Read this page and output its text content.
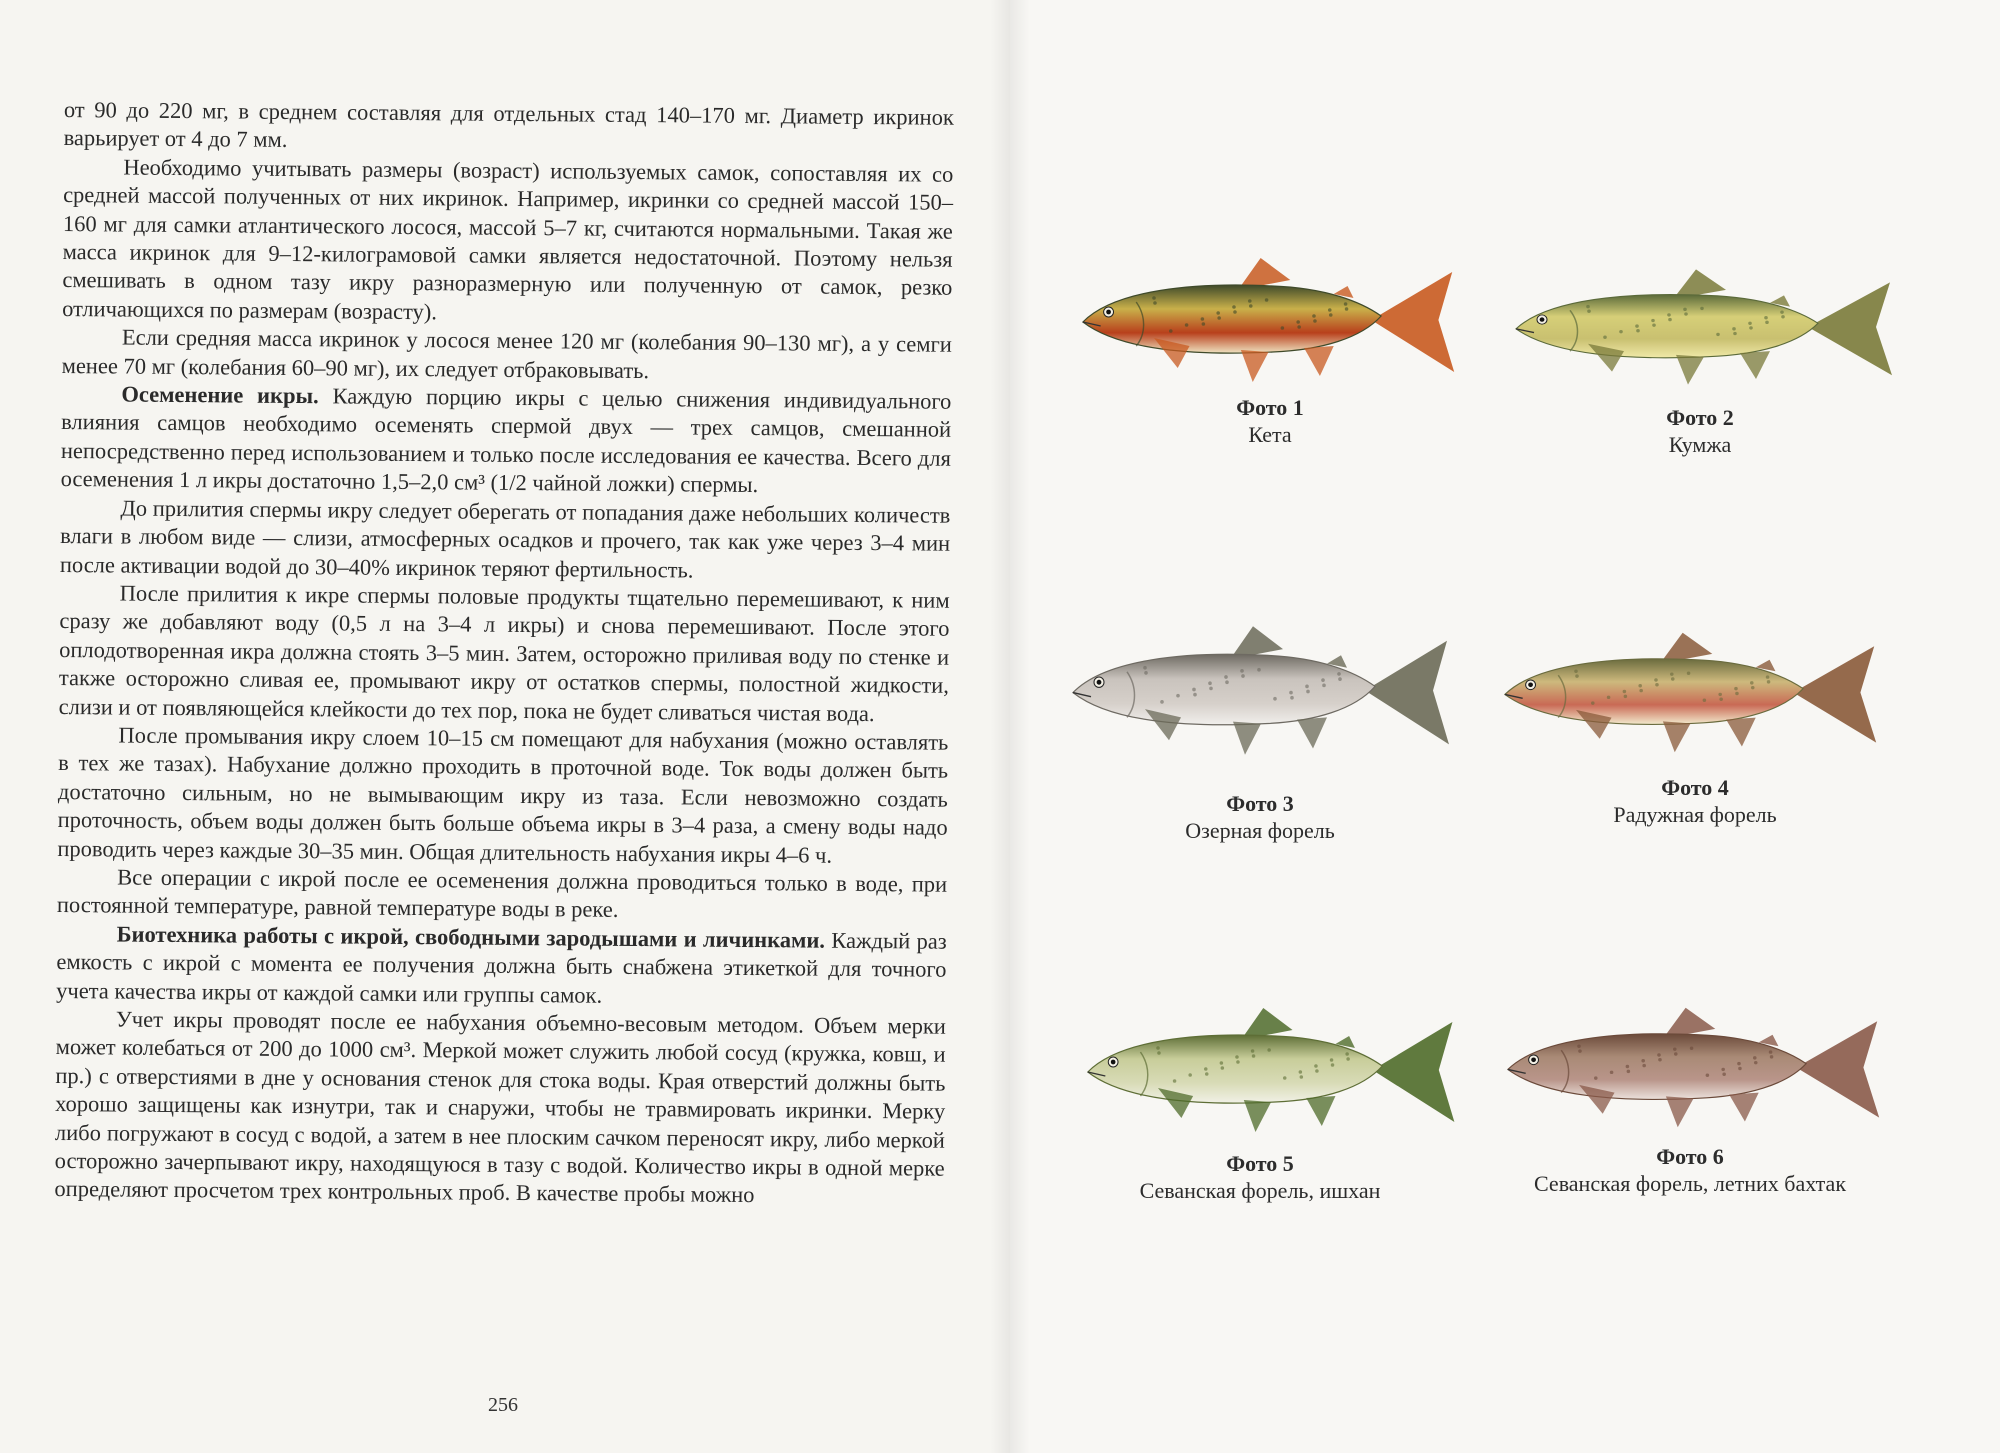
от 90 до 220 мг, в среднем составляя для отдельных стад 140–170 мг. Диаметр икринок варьирует от 4 до 7 мм.

Необходимо учитывать размеры (возраст) используемых самок, сопоставляя их со средней массой полученных от них икринок. Например, икринки со средней массой 150–160 мг для самки атлантического лосося, массой 5–7 кг, считаются нормальными. Такая же масса икринок для 9–12-килограмовой самки является недостаточной. Поэтому нельзя смешивать в одном тазу икру разноразмерную или полученную от самок, резко отличающихся по размерам (возрасту).

Если средняя масса икринок у лосося менее 120 мг (колебания 90–130 мг), а у семги менее 70 мг (колебания 60–90 мг), их следует отбраковывать.

Осеменение икры. Каждую порцию икры с целью снижения индивидуального влияния самцов необходимо осеменять спермой двух — трех самцов, смешанной непосредственно перед использованием и только после исследования ее качества. Всего для осеменения 1 л икры достаточно 1,5–2,0 см³ (1/2 чайной ложки) спермы.

До прилития спермы икру следует оберегать от попадания даже небольших количеств влаги в любом виде — слизи, атмосферных осадков и прочего, так как уже через 3–4 мин после активации водой до 30–40% икринок теряют фертильность.

После прилития к икре спермы половые продукты тщательно перемешивают, к ним сразу же добавляют воду (0,5 л на 3–4 л икры) и снова перемешивают. После этого оплодотворенная икра должна стоять 3–5 мин. Затем, осторожно приливая воду по стенке и также осторожно сливая ее, промывают икру от остатков спермы, полостной жидкости, слизи и от появляющейся клейкости до тех пор, пока не будет сливаться чистая вода.

После промывания икру слоем 10–15 см помещают для набухания (можно оставлять в тех же тазах). Набухание должно проходить в проточной воде. Ток воды должен быть достаточно сильным, но не вымывающим икру из таза. Если невозможно создать проточность, объем воды должен быть больше объема икры в 3–4 раза, а смену воды надо проводить через каждые 30–35 мин. Общая длительность набухания икры 4–6 ч.

Все операции с икрой после ее осеменения должна проводиться только в воде, при постоянной температуре, равной температуре воды в реке.

Биотехника работы с икрой, свободными зародышами и личинками. Каждый раз емкость с икрой с момента ее получения должна быть снабжена этикеткой для точного учета качества икры от каждой самки или группы самок.

Учет икры проводят после ее набухания объемно-весовым методом. Объем мерки может колебаться от 200 до 1000 см³. Меркой может служить любой сосуд (кружка, ковш, и пр.) с отверстиями в дне у основания стенок для стока воды. Края отверстий должны быть хорошо защищены как изнутри, так и снаружи, чтобы не травмировать икринки. Мерку либо погружают в сосуд с водой, а затем в нее плоским сачком переносят икру, либо меркой осторожно зачерпывают икру, находящуюся в тазу с водой. Количество икры в одной мерке определяют просчетом трех контрольных проб. В качестве пробы можно

256
Фото 1
Кета
Фото 2
Кумжа
Фото 3
Озерная форель
Фото 4
Радужная форель
Фото 5
Севанская форель, ишхан
Фото 6
Севанская форель, летних бахтак
